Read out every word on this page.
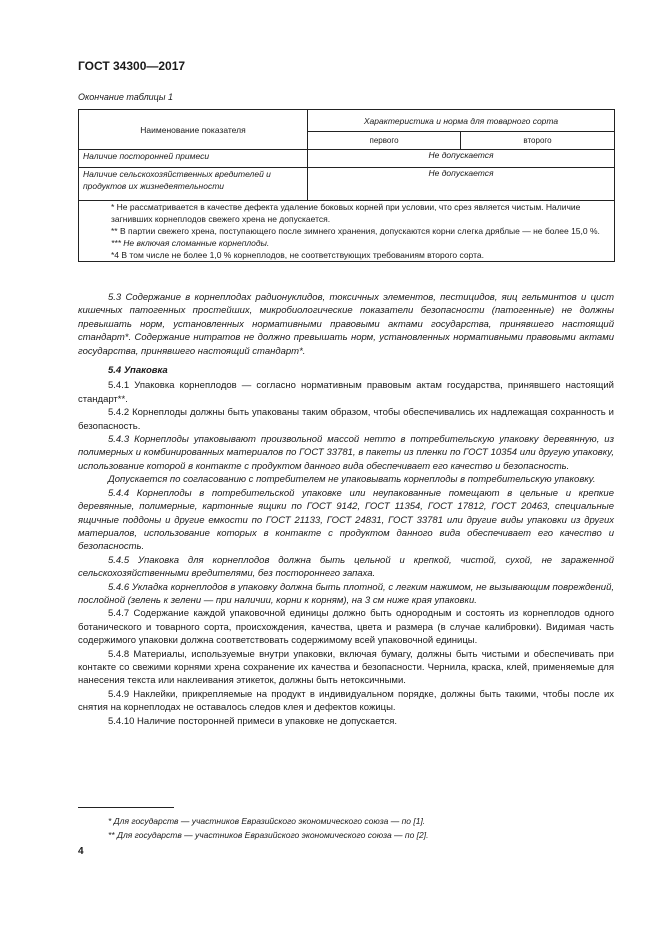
ГОСТ 34300—2017
Окончание таблицы 1
Наименование показателя	Характеристика и норма для товарного сорта	
	первого	второго
Наличие посторонней примеси	Не допускается	
Наличие сельскохозяйственных вредителей и продуктов их жизнедеятельности	Не допускается	

* Не рассматривается в качестве дефекта удаление боковых корней при условии, что срез является чистым. Наличие загнивших корнеплодов свежего хрена не допускается.

** В партии свежего хрена, поступающего после зимнего хранения, допускаются корни слегка дряблые — не более 15,0 %.

*** Не включая сломанные корнеплоды.

*4 В том числе не более 1,0 % корнеплодов, не соответствующих требованиям второго сорта.		

5.3 Содержание в корнеплодах радионуклидов, токсичных элементов, пестицидов, яиц гельминтов и цист кишечных патогенных простейших, микробиологические показатели безопасности (патогенные) не должны превышать норм, установленных нормативными правовыми актами государства, принявшего настоящий стандарт*. Содержание нитратов не должно превышать норм, установленных нормативными правовыми актами государства, принявшего настоящий стандарт*.

5.4 Упаковка

5.4.1 Упаковка корнеплодов — согласно нормативным правовым актам государства, принявшего настоящий стандарт**.

5.4.2 Корнеплоды должны быть упакованы таким образом, чтобы обеспечивались их надлежащая сохранность и безопасность.

5.4.3 Корнеплоды упаковывают произвольной массой нетто в потребительскую упаковку деревянную, из полимерных и комбинированных материалов по ГОСТ 33781, в пакеты из пленки по ГОСТ 10354 или другую упаковку, использование которой в контакте с продуктом данного вида обеспечивает его качество и безопасность.

Допускается по согласованию с потребителем не упаковывать корнеплоды в потребительскую упаковку.

5.4.4 Корнеплоды в потребительской упаковке или неупакованные помещают в цельные и крепкие деревянные, полимерные, картонные ящики по ГОСТ 9142, ГОСТ 11354, ГОСТ 17812, ГОСТ 20463, специальные ящичные поддоны и другие емкости по ГОСТ 21133, ГОСТ 24831, ГОСТ 33781 или другие виды упаковки из других материалов, использование которых в контакте с продуктом данного вида обеспечивает его качество и безопасность.

5.4.5 Упаковка для корнеплодов должна быть цельной и крепкой, чистой, сухой, не зараженной сельскохозяйственными вредителями, без постороннего запаха.

5.4.6 Укладка корнеплодов в упаковку должна быть плотной, с легким нажимом, не вызывающим повреждений, послойной (зелень к зелени — при наличии, корни к корням), на 3 см ниже края упаковки.

5.4.7 Содержание каждой упаковочной единицы должно быть однородным и состоять из корнеплодов одного ботанического и товарного сорта, происхождения, качества, цвета и размера (в случае калибровки). Видимая часть содержимого упаковки должна соответствовать содержимому всей упаковочной единицы.

5.4.8 Материалы, используемые внутри упаковки, включая бумагу, должны быть чистыми и обеспечивать при контакте со свежими корнями хрена сохранение их качества и безопасности. Чернила, краска, клей, применяемые для нанесения текста или наклеивания этикеток, должны быть нетоксичными.

5.4.9 Наклейки, прикрепляемые на продукт в индивидуальном порядке, должны быть такими, чтобы после их снятия на корнеплодах не оставалось следов клея и дефектов кожицы.

5.4.10 Наличие посторонней примеси в упаковке не допускается.

* Для государств — участников Евразийского экономического союза — по [1].

** Для государств — участников Евразийского экономического союза — по [2].

4
